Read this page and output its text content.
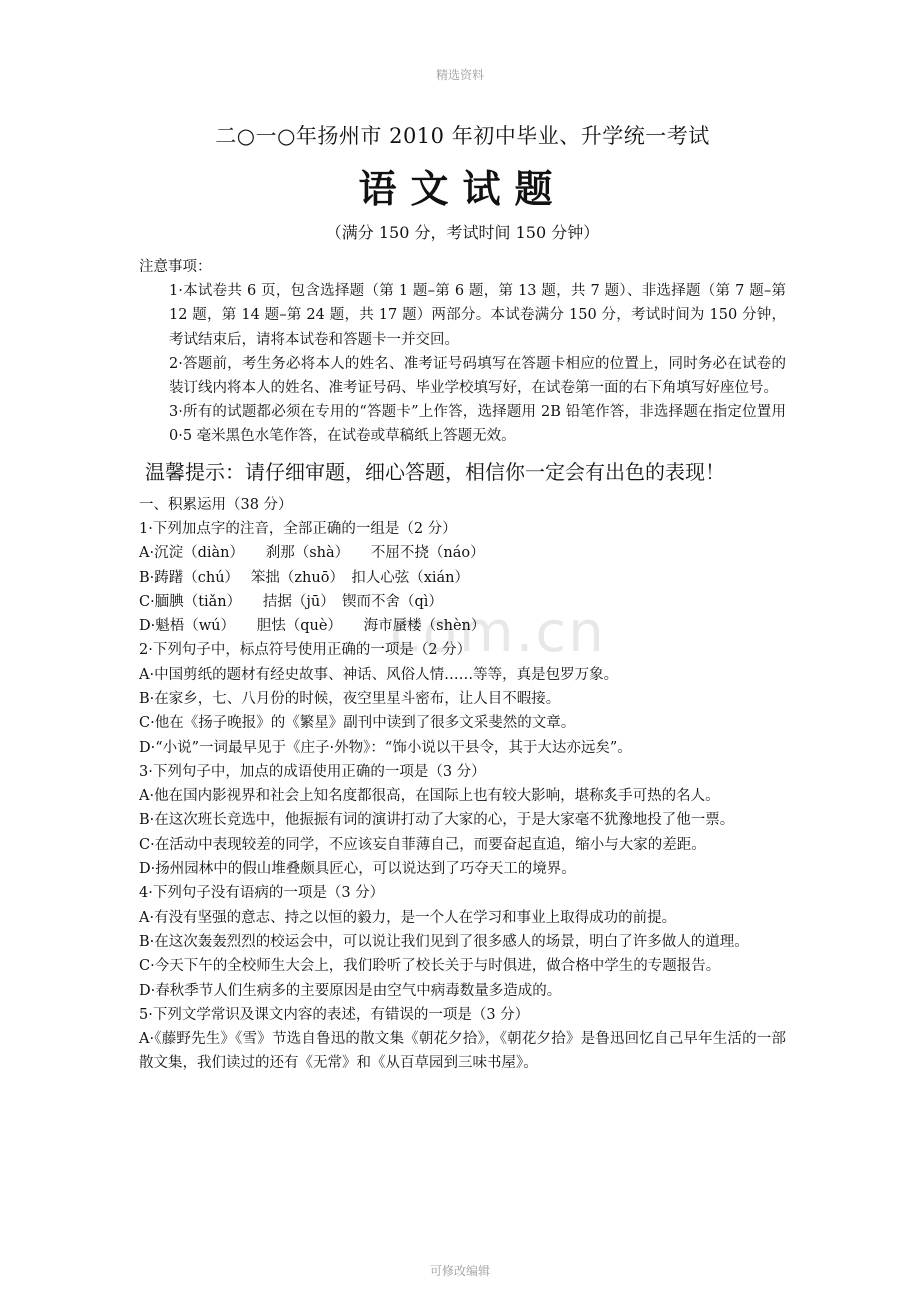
精选资料
com.cn
二○一○年扬州市 2010 年初中毕业、升学统一考试
语文试题
（满分 150 分，考试时间 150 分钟）
注意事项：
1·本试卷共 6 页，包含选择题（第 1 题–第 6 题，第 13 题，共 7 题）、非选择题（第 7 题–第 12 题，第 14 题–第 24 题，共 17 题）两部分。本试卷满分 150 分，考试时间为 150 分钟，考试结束后，请将本试卷和答题卡一并交回。
2·答题前，考生务必将本人的姓名、准考证号码填写在答题卡相应的位置上，同时务必在试卷的装订线内将本人的姓名、准考证号码、毕业学校填写好，在试卷第一面的右下角填写好座位号。
3·所有的试题都必须在专用的“答题卡”上作答，选择题用 2B 铅笔作答，非选择题在指定位置用 0·5 毫米黑色水笔作答，在试卷或草稿纸上答题无效。
温馨提示：请仔细审题，细心答题，相信你一定会有出色的表现！
一、积累运用（38 分）
1·下列加点字的注音，全部正确的一组是（2 分）
A·沉淀（diàn）　　刹那（shà）　　不屈不挠（náo）
B·踌躇（chú）　 笨拙（zhuō）　扣人心弦（xián）
C·腼腆（tiǎn）　　拮据（jū）　锲而不舍（qì）
D·魁梧（wú）　　胆怯（què）　　海市蜃楼（shèn）
2·下列句子中，标点符号使用正确的一项是（2 分）
A·中国剪纸的题材有经史故事、神话、风俗人情……等等，真是包罗万象。
B·在家乡，七、八月份的时候，夜空里星斗密布，让人目不暇接。
C·他在《扬子晚报》的《繁星》副刊中读到了很多文采斐然的文章。
D·“小说”一词最早见于《庄子·外物》：“饰小说以干县令，其于大达亦远矣”。
3·下列句子中，加点的成语使用正确的一项是（3 分）
A·他在国内影视界和社会上知名度都很高，在国际上也有较大影响，堪称炙手可热的名人。
B·在这次班长竞选中，他振振有词的演讲打动了大家的心，于是大家毫不犹豫地投了他一票。
C·在活动中表现较差的同学，不应该妄自菲薄自己，而要奋起直追，缩小与大家的差距。
D·扬州园林中的假山堆叠颇具匠心，可以说达到了巧夺天工的境界。
4·下列句子没有语病的一项是（3 分）
A·有没有坚强的意志、持之以恒的毅力，是一个人在学习和事业上取得成功的前提。
B·在这次轰轰烈烈的校运会中，可以说让我们见到了很多感人的场景，明白了许多做人的道理。
C·今天下午的全校师生大会上，我们聆听了校长关于与时俱进，做合格中学生的专题报告。
D·春秋季节人们生病多的主要原因是由空气中病毒数量多造成的。
5·下列文学常识及课文内容的表述，有错误的一项是（3 分）
A·《藤野先生》《雪》节选自鲁迅的散文集《朝花夕拾》，《朝花夕拾》是鲁迅回忆自己早年生活的一部散文集，我们读过的还有《无常》和《从百草园到三味书屋》。
可修改编辑
